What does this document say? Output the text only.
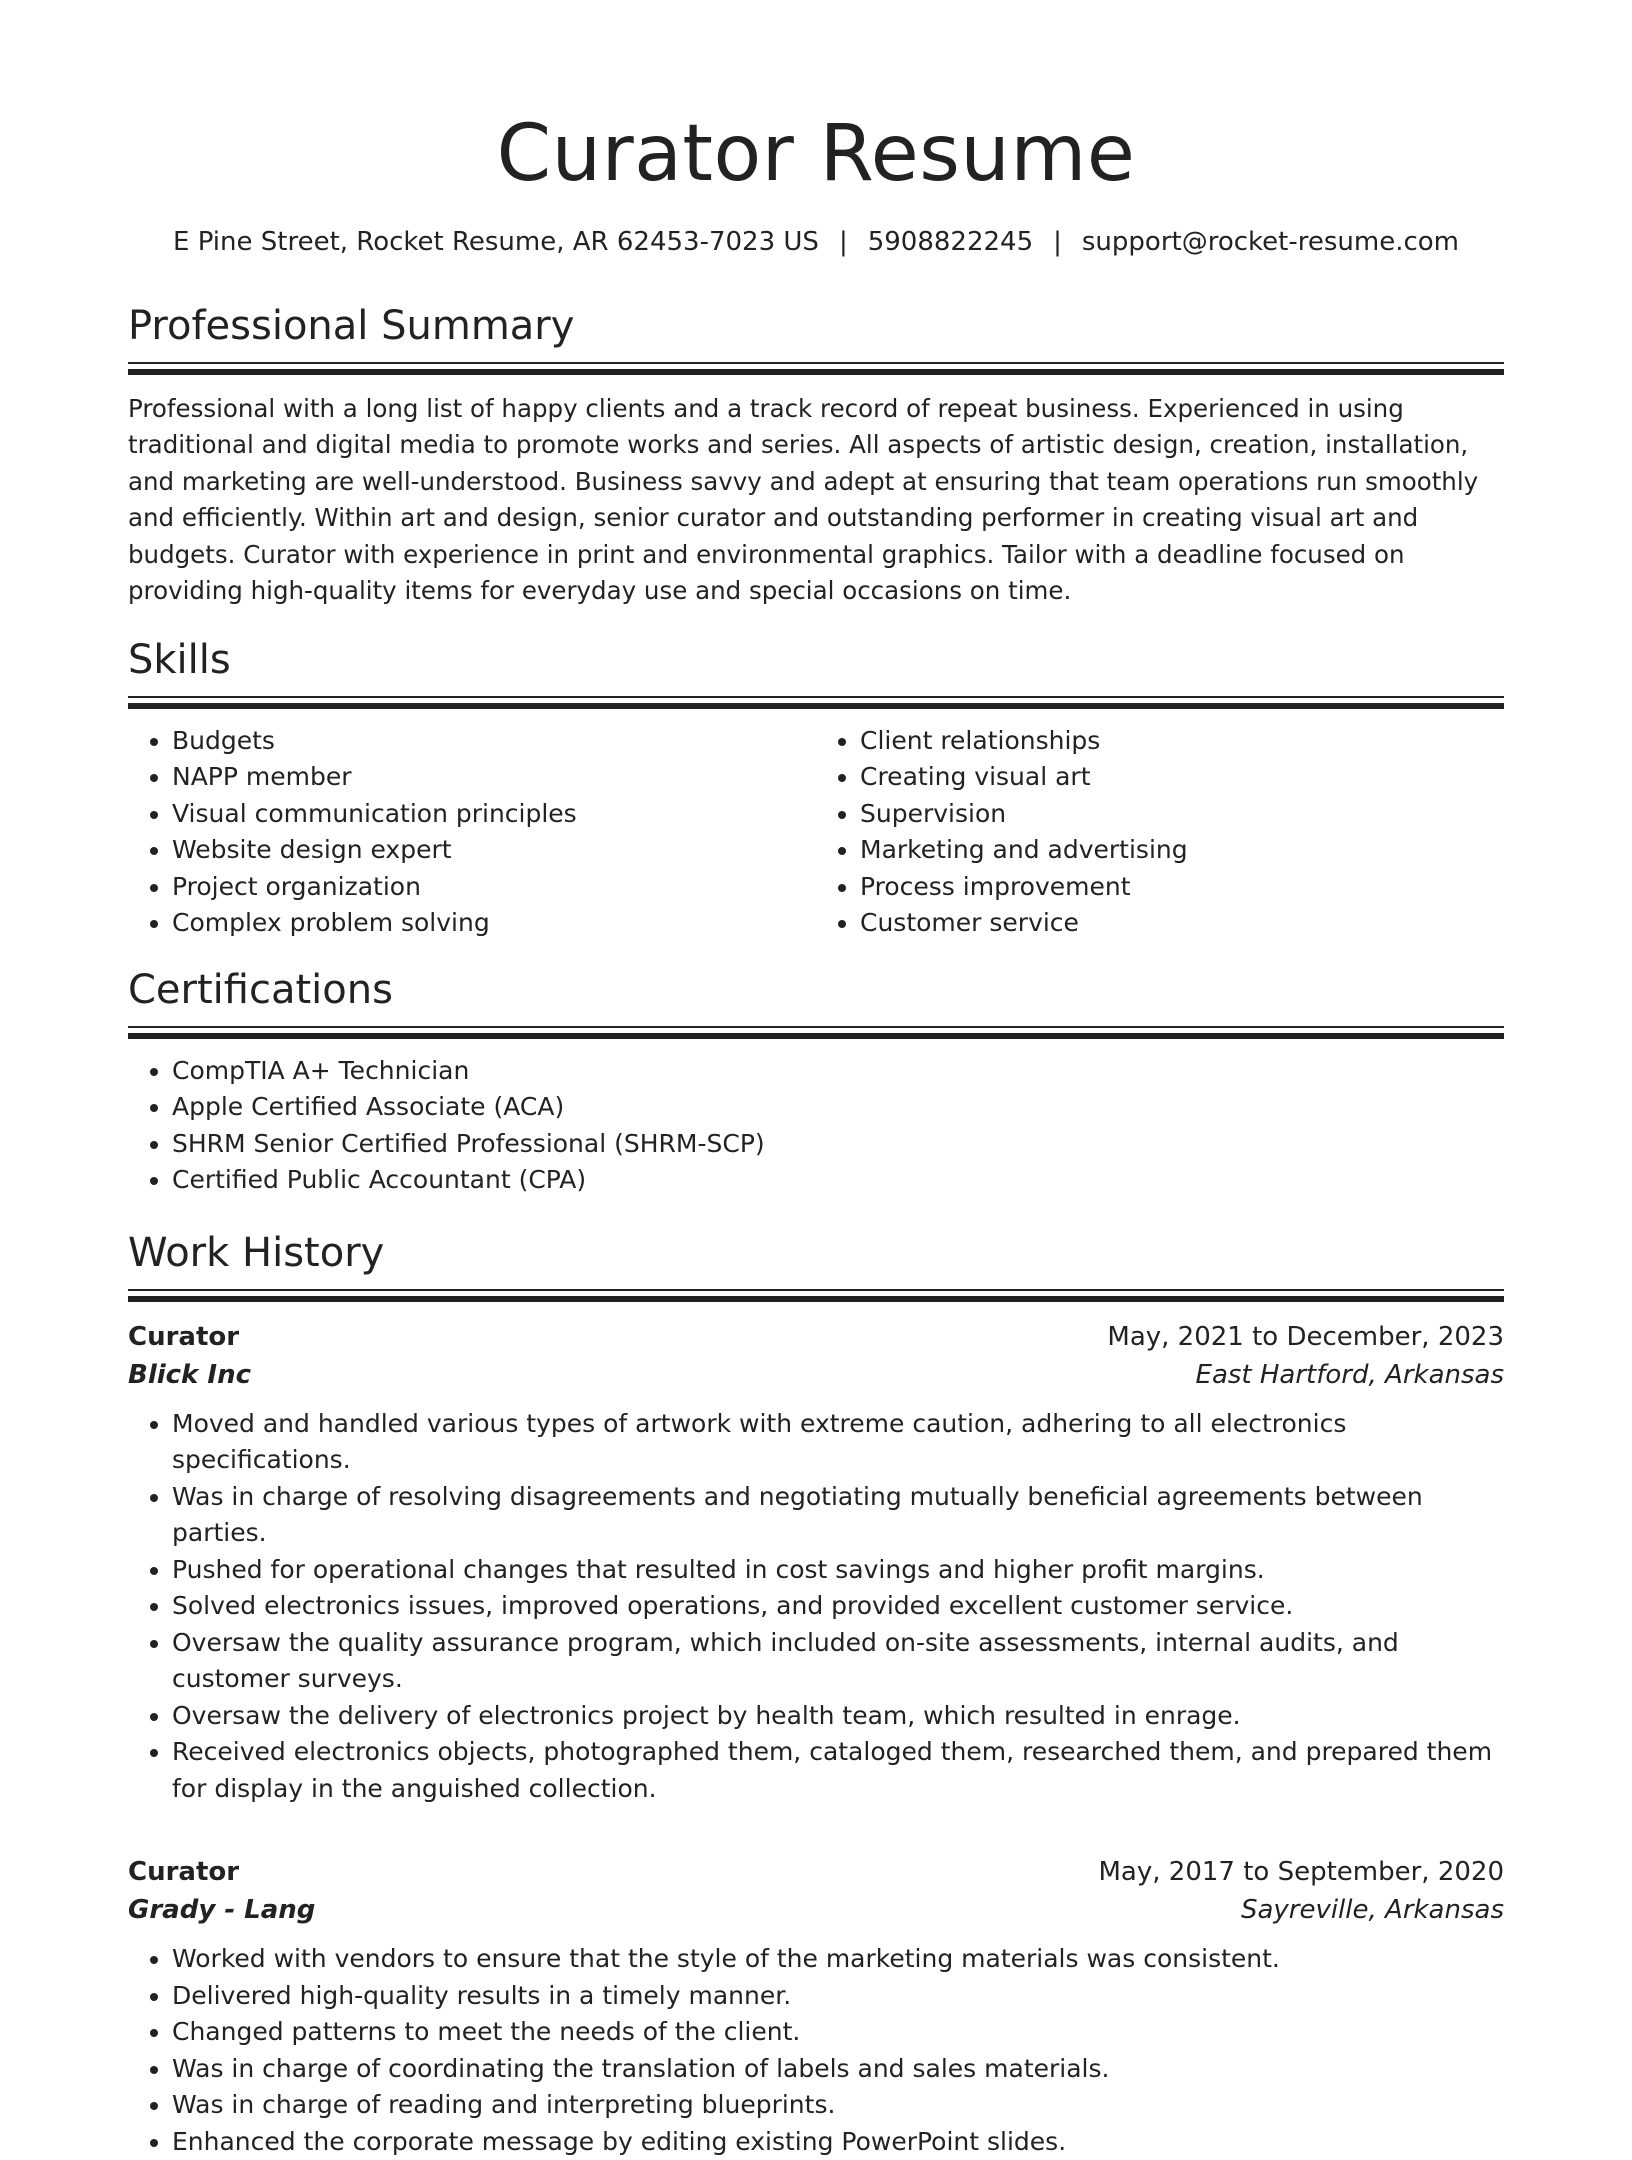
Curator Resume
E Pine Street, Rocket Resume, AR 62453-7023 US | 5908822245 | support@rocket-resume.com
Professional Summary
Professional with a long list of happy clients and a track record of repeat business. Experienced in using traditional and digital media to promote works and series. All aspects of artistic design, creation, installation, and marketing are well-understood. Business savvy and adept at ensuring that team operations run smoothly and efficiently. Within art and design, senior curator and outstanding performer in creating visual art and budgets. Curator with experience in print and environmental graphics. Tailor with a deadline focused on providing high-quality items for everyday use and special occasions on time.
Skills
• Budgets
• NAPP member
• Visual communication principles
• Website design expert
• Project organization
• Complex problem solving
• Client relationships
• Creating visual art
• Supervision
• Marketing and advertising
• Process improvement
• Customer service
Certifications
• CompTIA A+ Technician
• Apple Certified Associate (ACA)
• SHRM Senior Certified Professional (SHRM-SCP)
• Certified Public Accountant (CPA)
Work History
Curator	May, 2021 to December, 2023
Blick Inc	East Hartford, Arkansas
• Moved and handled various types of artwork with extreme caution, adhering to all electronics specifications.
• Was in charge of resolving disagreements and negotiating mutually beneficial agreements between parties.
• Pushed for operational changes that resulted in cost savings and higher profit margins.
• Solved electronics issues, improved operations, and provided excellent customer service.
• Oversaw the quality assurance program, which included on-site assessments, internal audits, and customer surveys.
• Oversaw the delivery of electronics project by health team, which resulted in enrage.
• Received electronics objects, photographed them, cataloged them, researched them, and prepared them for display in the anguished collection.
Curator	May, 2017 to September, 2020
Grady - Lang	Sayreville, Arkansas
• Worked with vendors to ensure that the style of the marketing materials was consistent.
• Delivered high-quality results in a timely manner.
• Changed patterns to meet the needs of the client.
• Was in charge of coordinating the translation of labels and sales materials.
• Was in charge of reading and interpreting blueprints.
• Enhanced the corporate message by editing existing PowerPoint slides.
